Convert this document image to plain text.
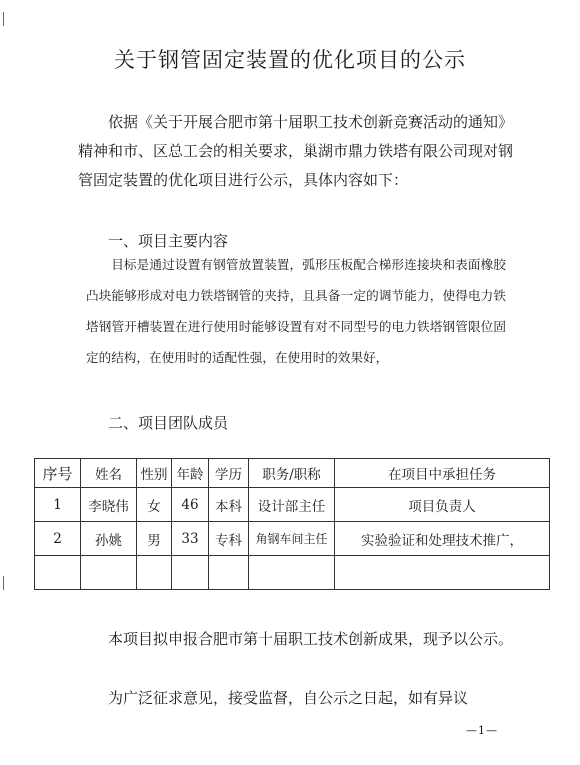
关于钢管固定装置的优化项目的公示

依据《关于开展合肥市第十届职工技术创新竞赛活动的通知》精神和市、区总工会的相关要求，巢湖市鼎力铁塔有限公司现对钢管固定装置的优化项目进行公示，具体内容如下：

一、项目主要内容

目标是通过设置有钢管放置装置，弧形压板配合梯形连接块和表面橡胶凸块能够形成对电力铁塔钢管的夹持，且具备一定的调节能力，使得电力铁塔钢管开槽装置在进行使用时能够设置有对不同型号的电力铁塔钢管限位固定的结构，在使用时的适配性强，在使用时的效果好，

二、项目团队成员

序号	姓名	性别	年龄	学历	职务/职称	在项目中承担任务
1	李晓伟	女	46	本科	设计部主任	项目负责人
2	孙姚	男	33	专科	角钢车间主任	实验验证和处理技术推广，

本项目拟申报合肥市第十届职工技术创新成果，现予以公示。

为广泛征求意见，接受监督，自公示之日起，如有异议

—1—
